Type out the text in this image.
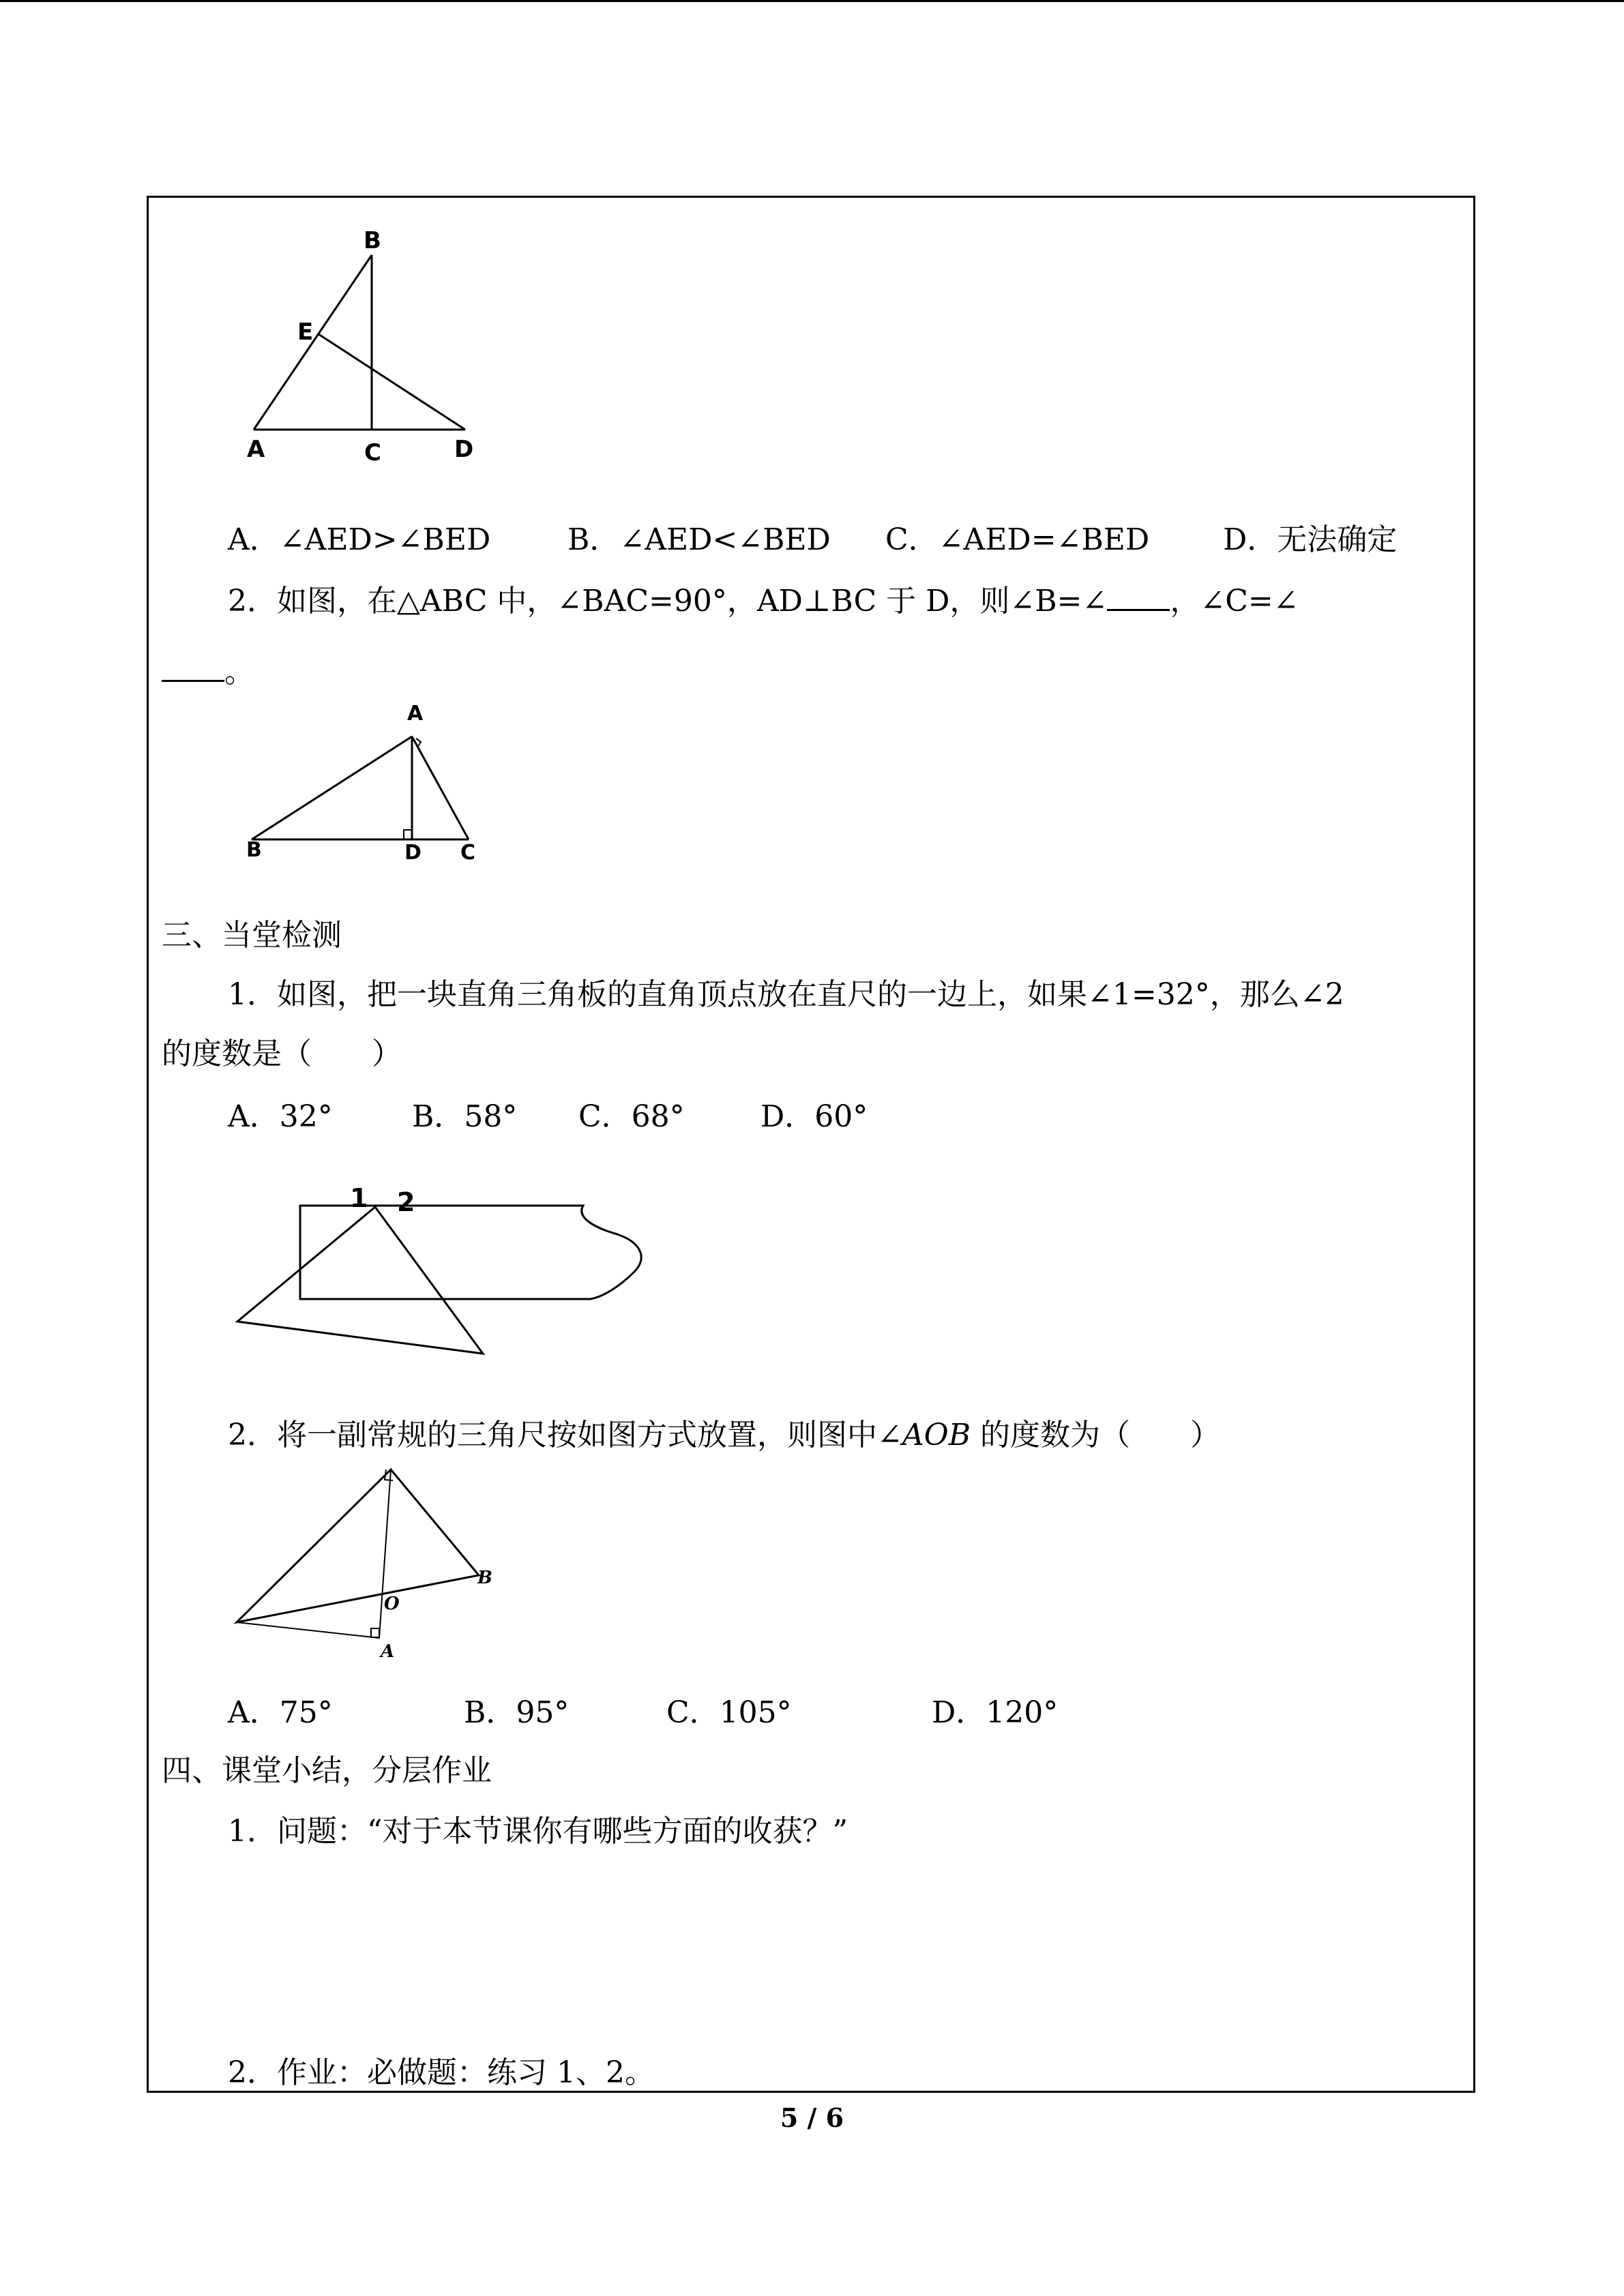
B
E
A	C	D
A．∠AED>∠BED	B．∠AED<∠BED C．∠AED=∠BED D．无法确定
2．如图，在△ABC 中，∠BAC=90°，AD⊥BC 于 D，则∠B=∠ ，∠C=∠
。
A
B	D C
三、当堂检测
1．如图，把一块直角三角板的直角顶点放在直尺的一边上，如果∠1=32°，那么∠2
的度数是（　　）
A．32°	B．58° C．68°	D．60°
1 2
2．将一副常规的三角尺按如图方式放置，则图中∠AOB 的度数为（　　）
B
O
A
A．75°	B．95°	C．105°	D．120°
四、课堂小结，分层作业
1．问题：“对于本节课你有哪些方面的收获？”
2．作业：必做题：练习 1、2。
5 / 6
